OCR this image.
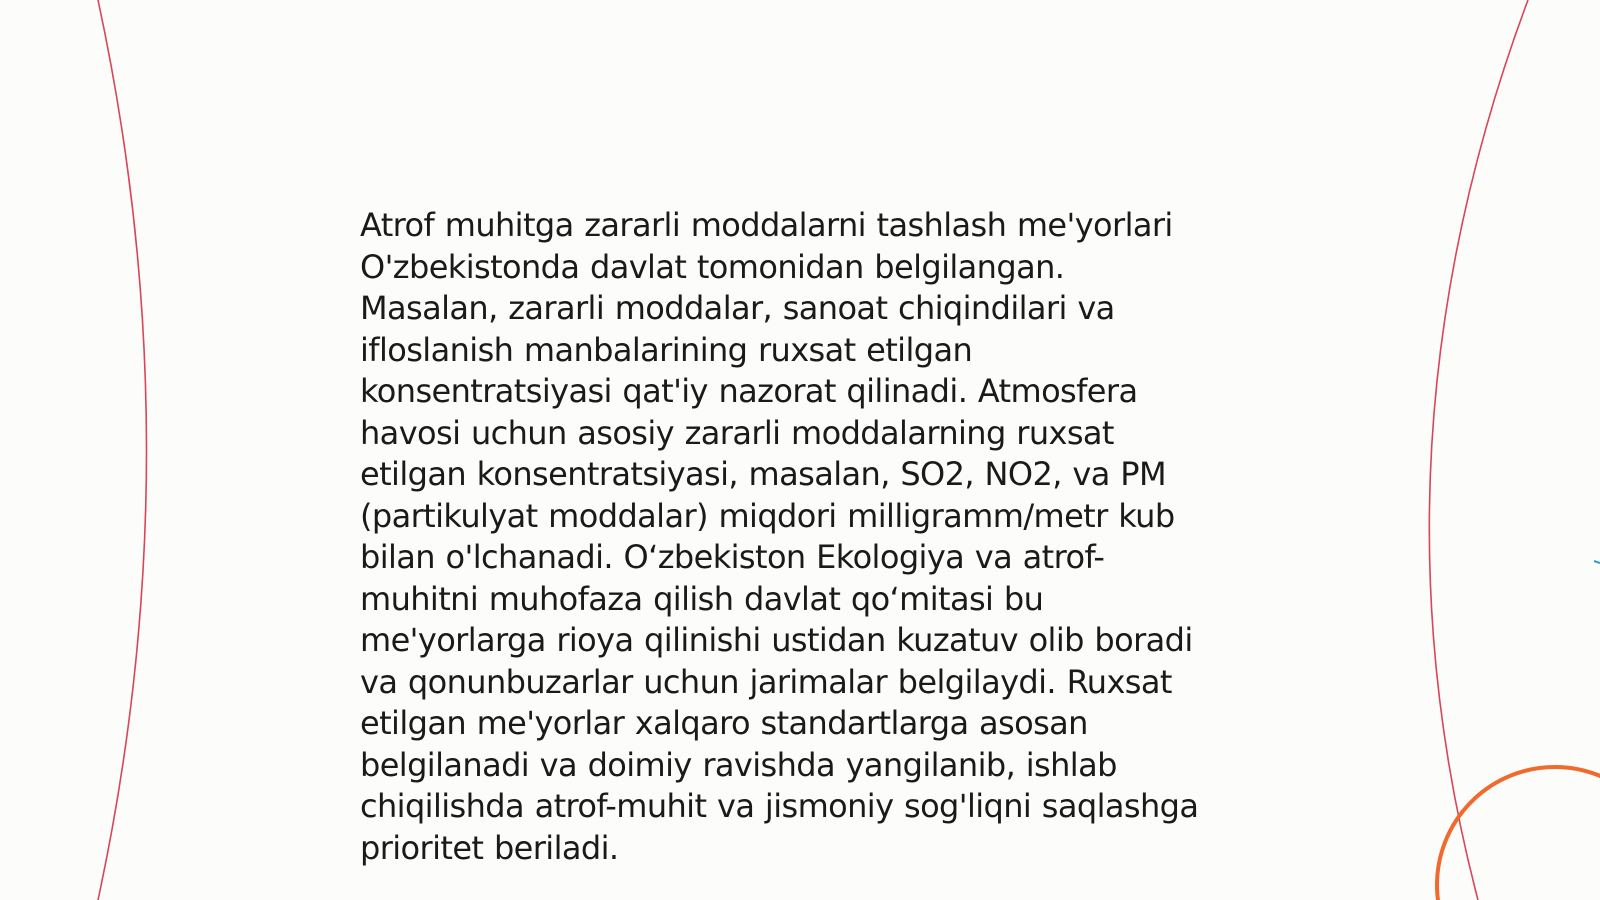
Atrof muhitga zararli moddalarni tashlash me'yorlari
O'zbekistonda davlat tomonidan belgilangan.
Masalan, zararli moddalar, sanoat chiqindilari va
ifloslanish manbalarining ruxsat etilgan
konsentratsiyasi qat'iy nazorat qilinadi. Atmosfera
havosi uchun asosiy zararli moddalarning ruxsat
etilgan konsentratsiyasi, masalan, SO2, NO2, va PM
(partikulyat moddalar) miqdori milligramm/metr kub
bilan o'lchanadi. O‘zbekiston Ekologiya va atrof-
muhitni muhofaza qilish davlat qo‘mitasi bu
me'yorlarga rioya qilinishi ustidan kuzatuv olib boradi
va qonunbuzarlar uchun jarimalar belgilaydi. Ruxsat
etilgan me'yorlar xalqaro standartlarga asosan
belgilanadi va doimiy ravishda yangilanib, ishlab
chiqilishda atrof-muhit va jismoniy sog'liqni saqlashga
prioritet beriladi.
